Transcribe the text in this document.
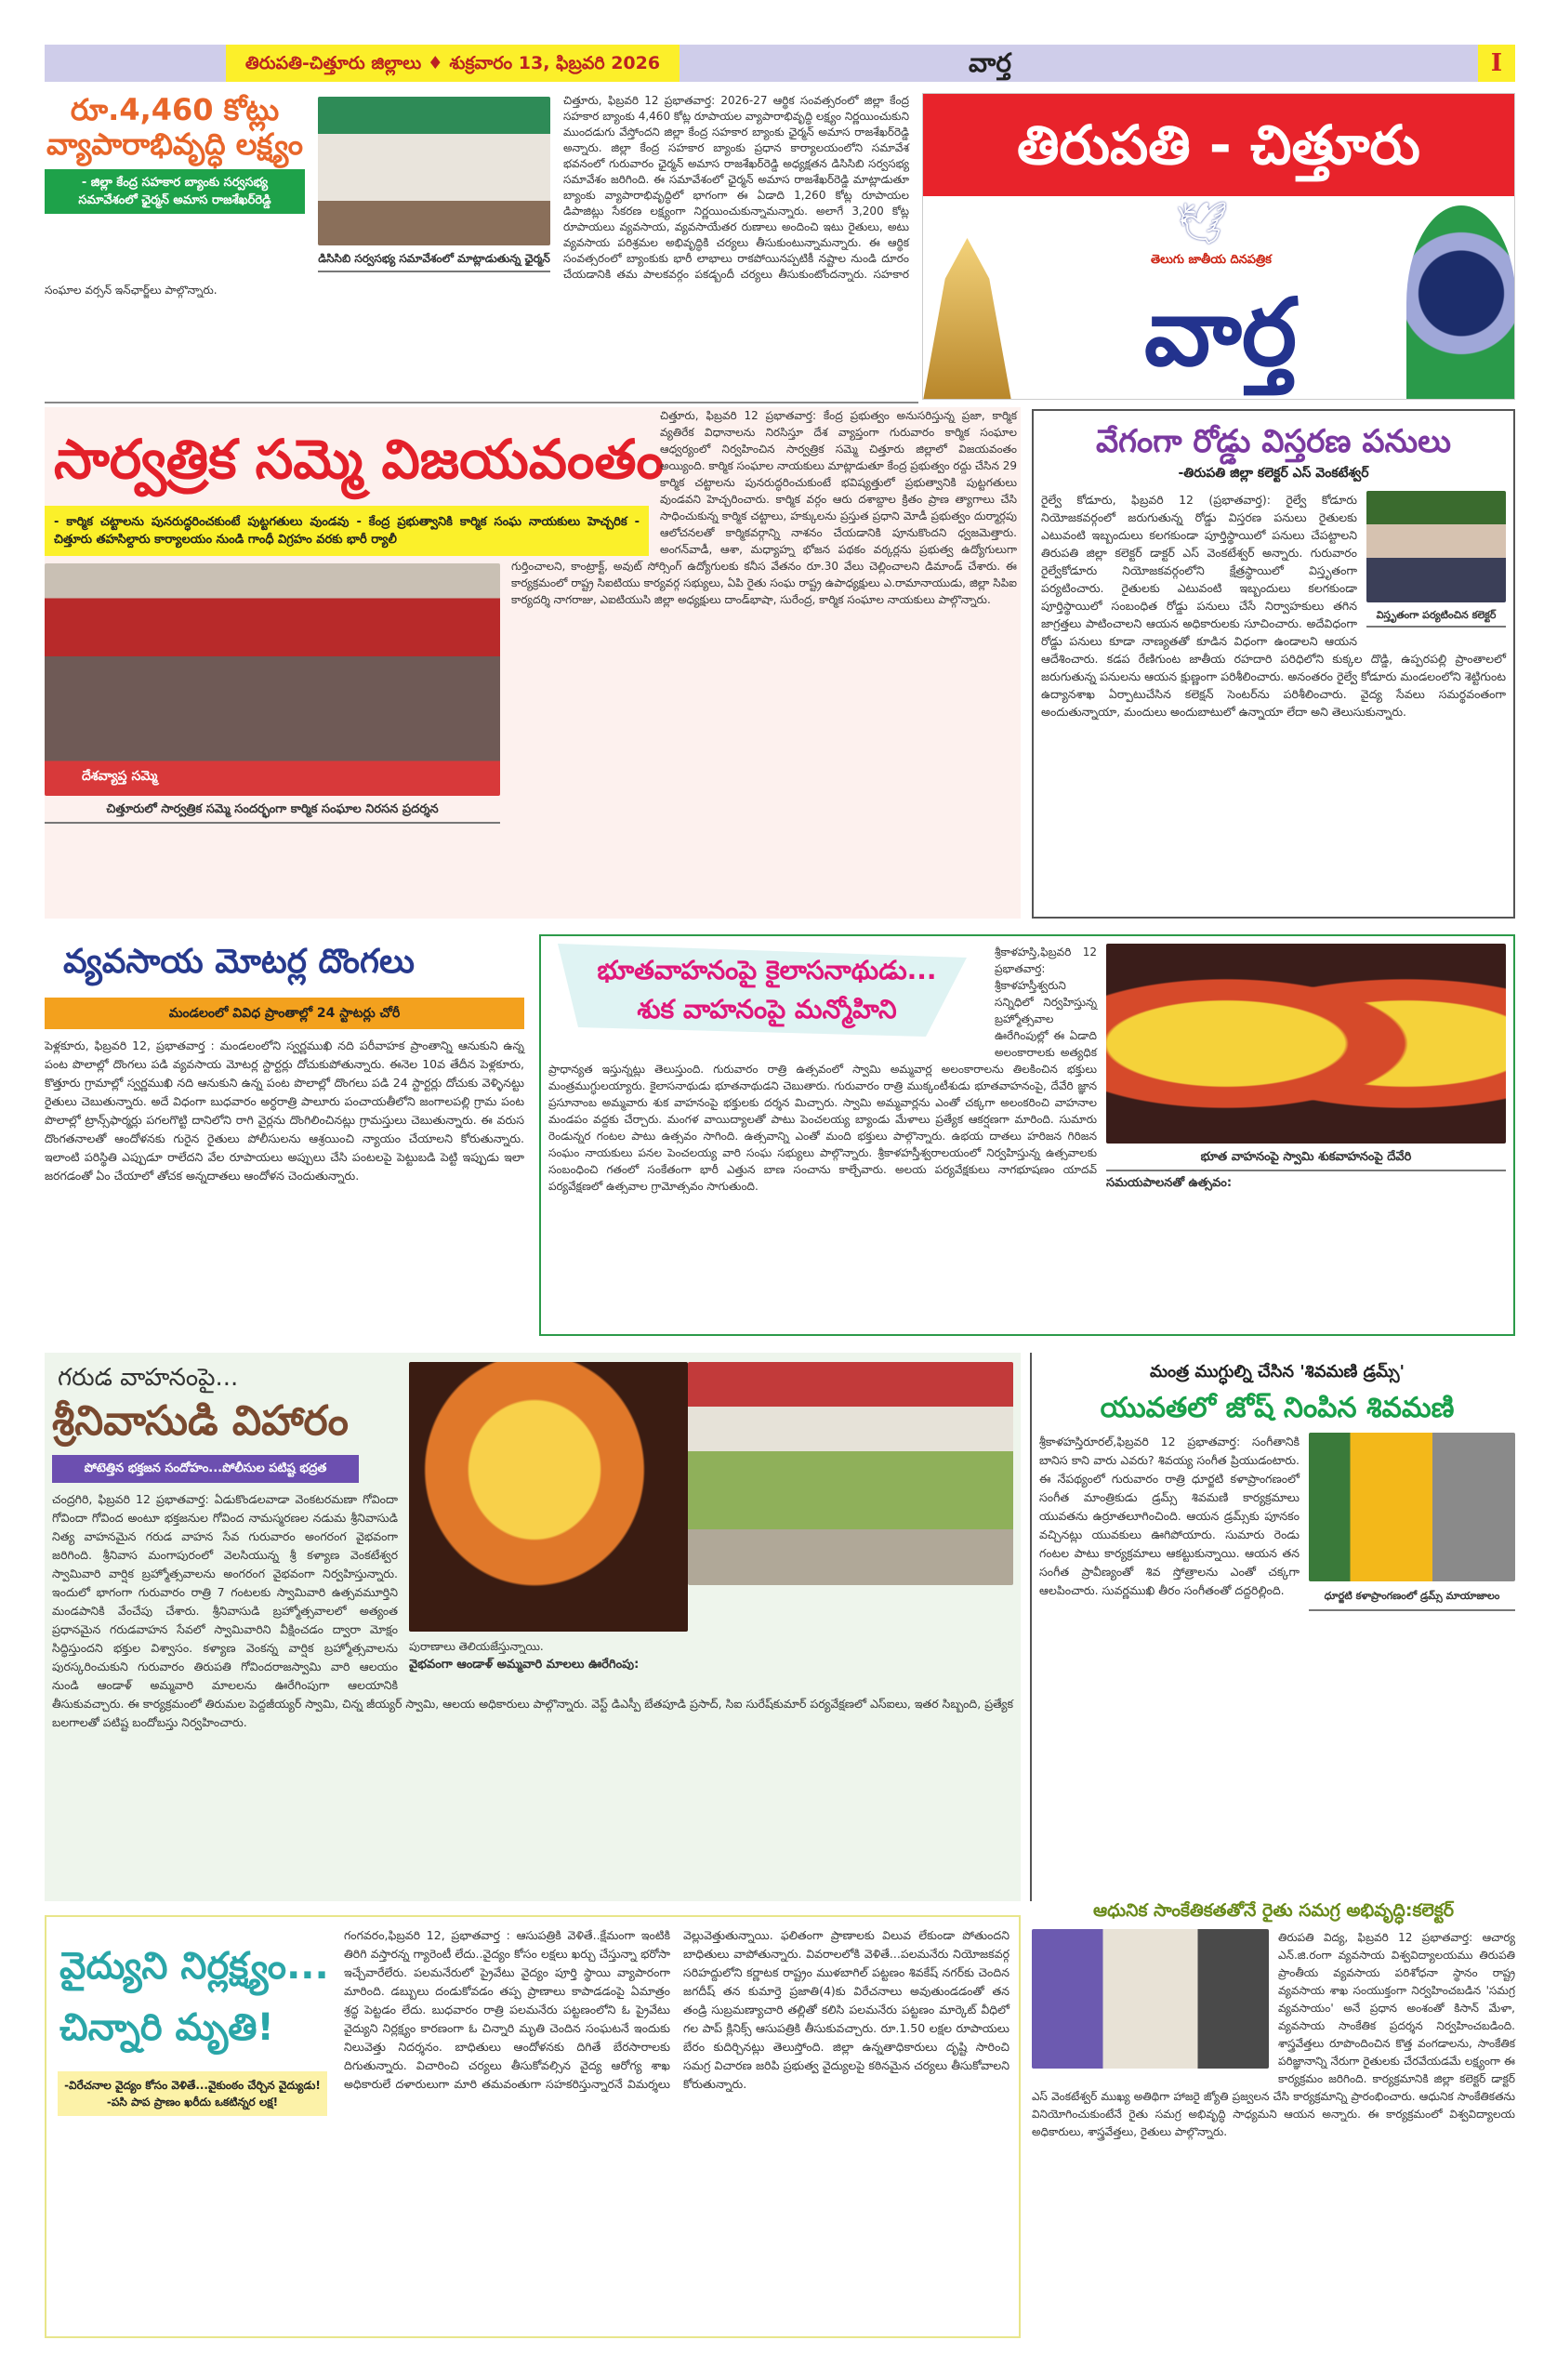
తిరుపతి-చిత్తూరు జిల్లాలు ♦ శుక్రవారం 13, ఫిబ్రవరి 2026	వార్త	I
రూ.4,460 కోట్లు
వ్యాపారాభివృద్ధి లక్ష్యం
- జిల్లా కేంద్ర సహకార బ్యాంకు సర్వసభ్య సమావేశంలో ఛైర్మన్ అమాస రాజశేఖర్‌రెడ్డి
డిసిసిబి సర్వసభ్య సమావేశంలో మాట్లాడుతున్న ఛైర్మన్
చిత్తూరు, ఫిబ్రవరి 12 ప్రభాతవార్త: 2026-27 ఆర్థిక సంవత్సరంలో జిల్లా కేంద్ర సహకార బ్యాంకు 4,460 కోట్ల రూపాయల వ్యాపారాభివృద్ధి లక్ష్యం నిర్ణయించుకుని ముందడుగు వేస్తోందని జిల్లా కేంద్ర సహకార బ్యాంకు ఛైర్మన్ అమాస రాజశేఖర్‌రెడ్డి అన్నారు. జిల్లా కేంద్ర సహకార బ్యాంకు ప్రధాన కార్యాలయంలోని సమావేశ భవనంలో గురువారం ఛైర్మన్ అమాస రాజశేఖర్‌రెడ్డి అధ్యక్షతన డిసిసిబి సర్వసభ్య సమావేశం జరిగింది. ఈ సమావేశంలో ఛైర్మన్ అమాస రాజశేఖర్‌రెడ్డి మాట్లాడుతూ బ్యాంకు వ్యాపారాభివృద్ధిలో భాగంగా ఈ ఏడాది 1,260 కోట్ల రూపాయల డిపాజిట్లు సేకరణ లక్ష్యంగా నిర్ణయించుకున్నామన్నారు. అలాగే 3,200 కోట్ల రూపాయలు వ్యవసాయ, వ్యవసాయేతర రుణాలు అందించి ఇటు రైతులు, అటు వ్యవసాయ పరిశ్రమల అభివృద్ధికి చర్యలు తీసుకుంటున్నామన్నారు. ఈ ఆర్థిక సంవత్సరంలో బ్యాంకుకు భారీ లాభాలు రాకపోయినప్పటికీ నష్టాల నుండి దూరం చేయడానికి తమ పాలకవర్గం పకడ్బందీ చర్యలు తీసుకుంటోందన్నారు. సహకార సంఘాల వర్సన్ ఇన్‌ఛార్జ్‌లు పాల్గొన్నారు.
తిరుపతి - చిత్తూరు
🕊
తెలుగు జాతీయ దినపత్రిక
వార్త
సార్వత్రిక సమ్మె విజయవంతం
- కార్మిక చట్టాలను పునరుద్ధరించకుంటే పుట్టగతులు వుండవు - కేంద్ర ప్రభుత్వానికి కార్మిక సంఘ నాయకులు హెచ్చరిక - చిత్తూరు తహసిల్దారు కార్యాలయం నుండి గాంధీ విగ్రహం వరకు భారీ ర్యాలీ
దేశవ్యాప్త సమ్మె
చిత్తూరులో సార్వత్రిక సమ్మె సందర్భంగా కార్మిక సంఘాల నిరసన ప్రదర్శన
చిత్తూరు, ఫిబ్రవరి 12 ప్రభాతవార్త: కేంద్ర ప్రభుత్వం అనుసరిస్తున్న ప్రజా, కార్మిక వ్యతిరేక విధానాలను నిరసిస్తూ దేశ వ్యాప్తంగా గురువారం కార్మిక సంఘాల ఆధ్వర్యంలో నిర్వహించిన సార్వత్రిక సమ్మె చిత్తూరు జిల్లాలో విజయవంతం అయ్యింది. కార్మిక సంఘాల నాయకులు మాట్లాడుతూ కేంద్ర ప్రభుత్వం రద్దు చేసిన 29 కార్మిక చట్టాలను పునరుద్ధరించుకుంటే భవిష్యత్తులో ప్రభుత్వానికి పుట్టగతులు వుండవని హెచ్చరించారు. కార్మిక వర్గం ఆరు దశాబ్దాల క్రితం ప్రాణ త్యాగాలు చేసి సాధించుకున్న కార్మిక చట్టాలు, హక్కులను ప్రస్తుత ప్రధాని మోడీ ప్రభుత్వం దుర్మార్గపు ఆలోచనలతో కార్మికవర్గాన్ని నాశనం చేయడానికి పూనుకొందని ధ్వజమెత్తారు. అంగన్‌వాడీ, ఆశా, మధ్యాహ్న భోజన పథకం వర్కర్లను ప్రభుత్వ ఉద్యోగులుగా గుర్తించాలని, కాంట్రాక్ట్, అవుట్ సోర్సింగ్ ఉద్యోగులకు కనీస వేతనం రూ.30 వేలు చెల్లించాలని డిమాండ్ చేశారు. ఈ కార్యక్రమంలో రాష్ట్ర సిఐటియు కార్యవర్గ సభ్యులు, ఏపి రైతు సంఘ రాష్ట్ర ఉపాధ్యక్షులు ఎ.రామానాయుడు, జిల్లా సిపిఐ కార్యదర్శి నాగరాజు, ఎఐటియుసి జిల్లా అధ్యక్షులు దాండ్‌భాషా, సురేంద్ర, కార్మిక సంఘాల నాయకులు పాల్గొన్నారు.
వేగంగా రోడ్డు విస్తరణ పనులు
-తిరుపతి జిల్లా కలెక్టర్ ఎస్ వెంకటేశ్వర్
విస్తృతంగా పర్యటించిన కలెక్టర్
రైల్వే కోడూరు, ఫిబ్రవరి 12 (ప్రభాతవార్త): రైల్వే కోడూరు నియోజకవర్గంలో జరుగుతున్న రోడ్డు విస్తరణ పనులు రైతులకు ఎటువంటి ఇబ్బందులు కలగకుండా పూర్తిస్థాయిలో పనులు చేపట్టాలని తిరుపతి జిల్లా కలెక్టర్ డాక్టర్ ఎస్ వెంకటేశ్వర్ అన్నారు. గురువారం రైల్వేకోడూరు నియోజకవర్గంలోని క్షేత్రస్థాయిలో విస్తృతంగా పర్యటించారు. రైతులకు ఎటువంటి ఇబ్బందులు కలగకుండా పూర్తిస్థాయిలో సంబంధిత రోడ్డు పనులు చేసే నిర్వాహకులు తగిన జాగ్రత్తలు పాటించాలని ఆయన అధికారులకు సూచించారు. అదేవిధంగా రోడ్డు పనులు కూడా నాణ్యతతో కూడిన విధంగా ఉండాలని ఆయన ఆదేశించారు. కడప రేణిగుంట జాతీయ రహదారి పరిధిలోని కుక్కల దొడ్డి, ఉప్పరపల్లి ప్రాంతాలలో జరుగుతున్న పనులను ఆయన క్షుణ్ణంగా పరిశీలించారు. అనంతరం రైల్వే కోడూరు మండలంలోని శెట్టిగుంట ఉద్యానశాఖ ఏర్పాటుచేసిన కలెక్షన్ సెంటర్‌ను పరిశీలించారు. వైద్య సేవలు సమర్థవంతంగా అందుతున్నాయా, మందులు అందుబాటులో ఉన్నాయా లేదా అని తెలుసుకున్నారు.
వ్యవసాయ మోటర్ల దొంగలు
మండలంలో వివిధ ప్రాంతాల్లో 24 స్టాటర్లు చోరీ
పెళ్లకూరు, ఫిబ్రవరి 12, ప్రభాతవార్త : మండలంలోని స్వర్ణముఖి నది పరీవాహక ప్రాంతాన్ని ఆనుకుని ఉన్న పంట పొలాల్లో దొంగలు పడి వ్యవసాయ మోటర్ల స్టార్టర్లు దోచుకుపోతున్నారు. ఈనెల 10వ తేదీన పెళ్లకూరు, కొత్తూరు గ్రామాల్లో స్వర్ణముఖి నది ఆనుకుని ఉన్న పంట పొలాల్లో దొంగలు పడి 24 స్టార్టర్లు దోచుకు వెళ్ళినట్టు రైతులు చెబుతున్నారు. అదే విధంగా బుధవారం అర్ధరాత్రి పాలూరు పంచాయతీలోని జంగాలపల్లి గ్రామ పంట పొలాల్లో ట్రాన్స్‌ఫార్మర్లు పగలగొట్టి దానిలోని రాగి వైర్లను దొంగిలించినట్లు గ్రామస్తులు చెబుతున్నారు. ఈ వరుస దొంగతనాలతో ఆందోళనకు గురైన రైతులు పోలీసులను ఆశ్రయించి న్యాయం చేయాలని కోరుతున్నారు. ఇలాంటి పరిస్థితి ఎప్పుడూ రాలేదని వేల రూపాయలు అప్పులు చేసి పంటలపై పెట్టుబడి పెట్టి ఇప్పుడు ఇలా జరగడంతో ఏం చేయాలో తోచక అన్నదాతలు ఆందోళన చెందుతున్నారు.
భూతవాహనంపై కైలాసనాథుడు...
శుక వాహనంపై మన్మోహిని
భూత వాహనంపై స్వామి శుకవాహనంపై దేవేరి
సమయపాలనతో ఉత్సవం:
శ్రీకాళహస్తి,ఫిబ్రవరి 12 ప్రభాతవార్త: శ్రీకాళహస్తీశ్వరుని సన్నిధిలో నిర్వహిస్తున్న బ్రహ్మోత్సవాల ఊరేగింపుల్లో ఈ ఏడాది అలంకారాలకు అత్యధిక ప్రాధాన్యత ఇస్తున్నట్లు తెలుస్తుంది. గురువారం రాత్రి ఉత్సవంలో స్వామి అమ్మవార్ల అలంకారాలను తిలకించిన భక్తులు మంత్రముగ్ధులయ్యారు. కైలాసనాథుడు భూతనాథుడని చెబుతారు. గురువారం రాత్రి ముక్కంటీశుడు భూతవాహనంపై, దేవేరి జ్ఞాన ప్రసూనాంబ అమ్మవారు శుక వాహనంపై భక్తులకు దర్శన మిచ్చారు. స్వామి అమ్మవార్లను ఎంతో చక్కగా అలంకరించి వాహనాల మండపం వద్దకు చేర్చారు. మంగళ వాయిద్యాలతో పాటు పెంచలయ్య బ్యాండు మేళాలు ప్రత్యేక ఆకర్షణగా మారింది. సుమారు రెండున్నర గంటల పాటు ఉత్సవం సాగింది. ఉత్సవాన్ని ఎంతో మంది భక్తులు పాల్గొన్నారు. ఉభయ దాతలు హరిజన గిరిజన సంఘం నాయకులు పనల పెంచలయ్య వారి సంఘ సభ్యులు పాల్గొన్నారు. శ్రీకాళహస్తీశ్వరాలయంలో నిర్వహిస్తున్న ఉత్సవాలకు సంబంధించి గతంలో సంకేతంగా భారీ ఎత్తున బాణ సంచాను కాల్చేవారు. అలయ పర్యవేక్షకులు నాగభూషణం యాదవ్ పర్యవేక్షణలో ఉత్సవాల గ్రామోత్సవం సాగుతుంది.
గరుడ వాహనంపై...
శ్రీనివాసుడి విహారం
పోటెత్తిన భక్తజన సందోహం...పోలీసుల పటిష్ట భద్రత
పురాణాలు తెలియజేస్తున్నాయి.
వైభవంగా ఆండాళ్ అమ్మవారి మాలలు ఊరేగింపు:
చంద్రగిరి, ఫిబ్రవరి 12 ప్రభాతవార్త: ఏడుకొండలవాడా వెంకటరమణా గోవిందా గోవిందా గోవింద అంటూ భక్తజనుల గోవింద నామస్మరణల నడుమ శ్రీనివాసుడి నిత్య వాహనమైన గరుడ వాహన సేవ గురువారం అంగరంగ వైభవంగా జరిగింది. శ్రీనివాస మంగాపురంలో వెలసియున్న శ్రీ కళ్యాణ వెంకటేశ్వర స్వామివారి వార్షిక బ్రహ్మోత్సవాలను అంగరంగ వైభవంగా నిర్వహిస్తున్నారు. ఇందులో భాగంగా గురువారం రాత్రి 7 గంటలకు స్వామివారి ఉత్సవమూర్తిని మండపానికి వేంచేపు చేశారు. శ్రీనివాసుడి బ్రహ్మోత్సవాలలో అత్యంత ప్రధానమైన గరుడవాహన సేవలో స్వామివారిని వీక్షించడం ద్వారా మోక్షం సిద్ధిస్తుందని భక్తుల విశ్వాసం. కళ్యాణ వెంకన్న వార్షిక బ్రహ్మోత్సవాలను పురస్కరించుకుని గురువారం తిరుపతి గోవిందరాజస్వామి వారి ఆలయం నుండి ఆండాళ్ అమ్మవారి మాలలను ఊరేగింపుగా ఆలయానికి తీసుకువచ్చారు. ఈ కార్యక్రమంలో తిరుమల పెద్దజీయ్యర్ స్వామి, చిన్న జీయ్యర్ స్వామి, ఆలయ అధికారులు పాల్గొన్నారు. వెస్ట్ డిఎస్పీ బేతపూడి ప్రసాద్, సిఐ సురేష్‌కుమార్ పర్యవేక్షణలో ఎస్ఐలు, ఇతర సిబ్బంది, ప్రత్యేక బలగాలతో పటిష్ట బందోబస్తు నిర్వహించారు.
మంత్ర ముగ్ధుల్ని చేసిన 'శివమణి డ్రమ్స్'
యువతలో జోష్ నింపిన శివమణి
ధూర్జటి కళాప్రాంగణంలో డ్రమ్స్ మాయాజాలం
శ్రీకాళహస్తిరూరల్,ఫిబ్రవరి 12 ప్రభాతవార్త: సంగీతానికి బానిస కాని వారు ఎవరు? శివయ్య సంగీత ప్రియుడంటారు. ఈ నేపథ్యంలో గురువారం రాత్రి ధూర్జటి కళాప్రాంగణంలో సంగీత మాంత్రికుడు డ్రమ్స్ శివమణి కార్యక్రమాలు యువతను ఉర్రూతలూగించింది. ఆయన డ్రమ్స్‌కు పూనకం వచ్చినట్లు యువకులు ఊగిపోయారు. సుమారు రెండు గంటల పాటు కార్యక్రమాలు ఆకట్టుకున్నాయి. ఆయన తన సంగీత ప్రావీణ్యంతో శివ స్తోత్రాలను ఎంతో చక్కగా ఆలపించారు. సువర్ణముఖి తీరం సంగీతంతో దద్దరిల్లింది.
వైద్యుని నిర్లక్ష్యం...
చిన్నారి మృతి!
-విరేచనాల వైద్యం కోసం వెళితే...వైకుంఠం చేర్చిన వైద్యుడు!
-పసి పాప ప్రాణం ఖరీదు ఒకటిన్నర లక్ష!
గంగవరం,ఫిబ్రవరి 12, ప్రభాతవార్త : ఆసుపత్రికి వెళితే..క్షేమంగా ఇంటికి తిరిగి వస్తారన్న గ్యారెంటీ లేదు..వైద్యం కోసం లక్షలు ఖర్చు చేస్తున్నా భరోసా ఇచ్చేవారేలేరు. పలమనేరులో ప్రైవేటు వైద్యం పూర్తి స్థాయి వ్యాపారంగా మారింది. డబ్బులు దండుకోవడం తప్ప ప్రాణాలు కాపాడడంపై ఏమాత్రం శ్రద్ధ పెట్టడం లేదు. బుధవారం రాత్రి పలమనేరు పట్టణంలోని ఓ ప్రైవేటు వైద్యుని నిర్లక్ష్యం కారణంగా ఓ చిన్నారి మృతి చెందిన సంఘటనే ఇందుకు నిలువెత్తు నిదర్శనం. బాధితులు ఆందోళనకు దిగితే బేరసారాలకు దిగుతున్నారు. విచారించి చర్యలు తీసుకోవల్సిన వైద్య ఆరోగ్య శాఖ అధికారులే దళారులుగా మారి తమవంతుగా సహకరిస్తున్నారనే విమర్శలు వెల్లువెత్తుతున్నాయి. ఫలితంగా ప్రాణాలకు విలువ లేకుండా పోతుందని బాధితులు వాపోతున్నారు. వివరాలలోకి వెళితే...పలమనేరు నియోజకవర్గ సరిహద్దులోని కర్ణాటక రాష్ట్రం ముళబాగిల్ పట్టణం శివకేష్ నగర్‌కు చెందిన జగదీష్ తన కుమార్తె ప్రజాతి(4)కు విరేచనాలు అవుతుండడంతో తన తండ్రి సుబ్రమణ్యాచారి తల్లితో కలిసి పలమనేరు పట్టణం మార్కెట్ వీధిలో గల పాప్ క్లినిక్స్ ఆసుపత్రికి తీసుకువచ్చారు. రూ.1.50 లక్షల రూపాయలు బేరం కుదిర్చినట్లు తెలుస్తోంది. జిల్లా ఉన్నతాధికారులు దృష్టి సారించి సమగ్ర విచారణ జరిపి ప్రభుత్వ వైద్యులపై కఠినమైన చర్యలు తీసుకోవాలని కోరుతున్నారు.
ఆధునిక సాంకేతికతతోనే రైతు సమగ్ర అభివృద్ధి:కలెక్టర్
తిరుపతి విద్య, ఫిబ్రవరి 12 ప్రభాతవార్త: ఆచార్య ఎన్.జి.రంగా వ్యవసాయ విశ్వవిద్యాలయము తిరుపతి ప్రాంతీయ వ్యవసాయ పరిశోధనా స్థానం రాష్ట్ర వ్యవసాయ శాఖ సంయుక్తంగా నిర్వహించబడిన 'సమగ్ర వ్యవసాయం' అనే ప్రధాన అంశంతో కిసాన్ మేళా, వ్యవసాయ సాంకేతిక ప్రదర్శన నిర్వహించబడింది. శాస్త్రవేత్తలు రూపొందించిన కొత్త వంగడాలను, సాంకేతిక పరిజ్ఞానాన్ని నేరుగా రైతులకు చేరవేయడమే లక్ష్యంగా ఈ కార్యక్రమం జరిగింది. కార్యక్రమానికి జిల్లా కలెక్టర్ డాక్టర్ ఎస్ వెంకటేశ్వర్ ముఖ్య అతిథిగా హాజరై జ్యోతి ప్రజ్వలన చేసి కార్యక్రమాన్ని ప్రారంభించారు. ఆధునిక సాంకేతికతను వినియోగించుకుంటేనే రైతు సమగ్ర అభివృద్ధి సాధ్యమని ఆయన అన్నారు. ఈ కార్యక్రమంలో విశ్వవిద్యాలయ అధికారులు, శాస్త్రవేత్తలు, రైతులు పాల్గొన్నారు.
